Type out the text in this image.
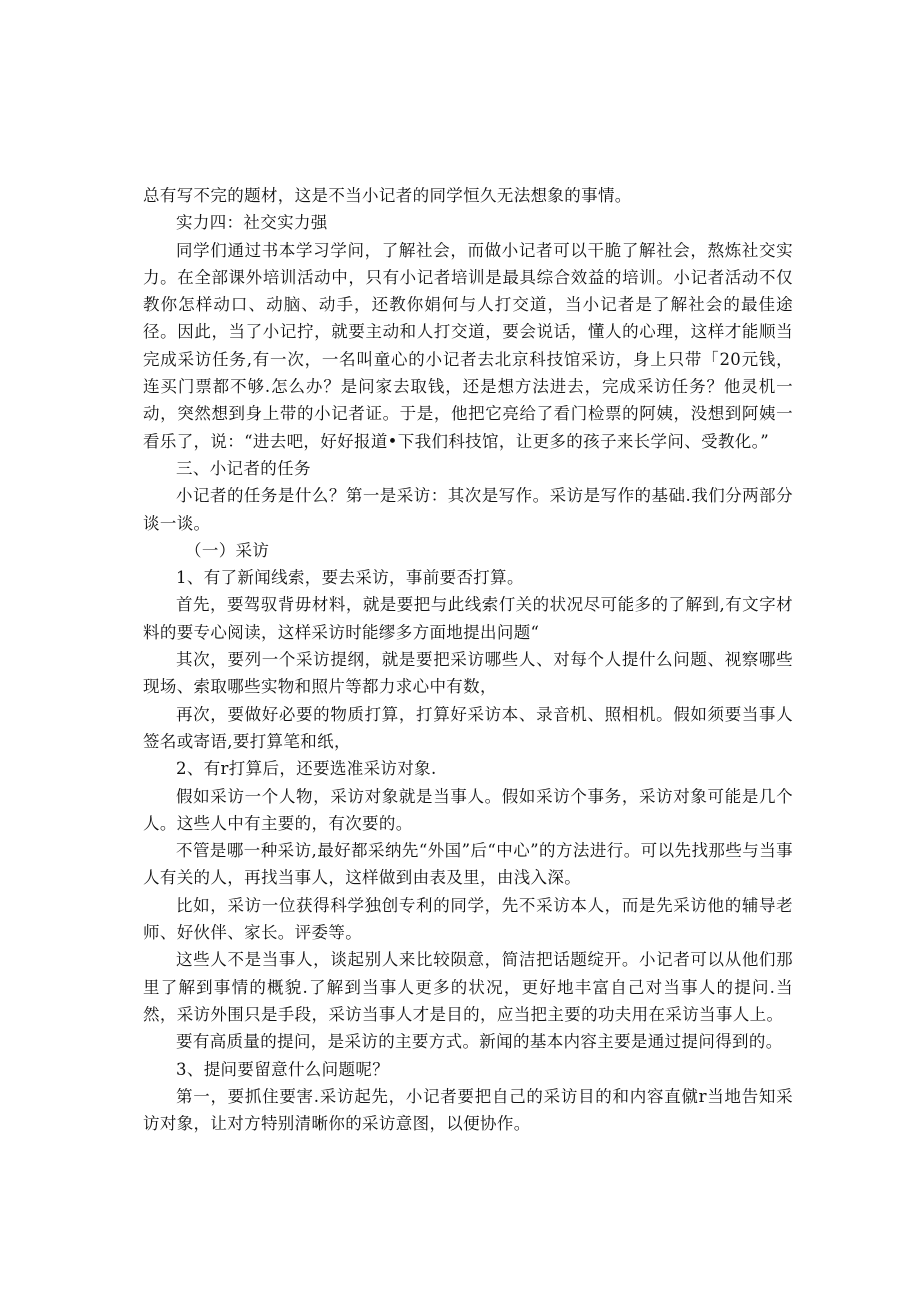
总有写不完的题材，这是不当小记者的同学恒久无法想象的事情。

实力四：社交实力强

同学们通过书本学习学问，了解社会，而做小记者可以干脆了解社会，熬炼社交实力。在全部课外培训活动中，只有小记者培训是最具综合效益的培训。小记者活动不仅教你怎样动口、动脑、动手，还教你娟何与人打交道，当小记者是了解社会的最佳途径。因此，当了小记拧，就要主动和人打交道，要会说话，懂人的心理，这样才能顺当完成采访任务,有一次，一名叫童心的小记者去北京科技馆采访，身上只带「20元钱，连买门票都不够.怎么办？是问家去取钱，还是想方法进去，完成采访任务？他灵机一动，突然想到身上带的小记者证。于是，他把它亮给了看门检票的阿姨，没想到阿姨一看乐了，说：“进去吧，好好报道•下我们科技馆，让更多的孩子来长学问、受教化。”

三、小记者的任务

小记者的任务是什么？第一是采访：其次是写作。采访是写作的基础.我们分两部分谈一谈。

（一）采访

1、有了新闻线索，要去采访，事前要否打算。

首先，要驾驭背毋材料，就是要把与此线索仃关的状况尽可能多的了解到,有文字材料的要专心阅读，这样采访时能缪多方面地提出问题“

其次，要列一个采访提纲，就是要把采访哪些人、对每个人提什么问题、视察哪些现场、索取哪些实物和照片等都力求心中有数，

再次，要做好必要的物质打算，打算好采访本、录音机、照相机。假如须要当事人签名或寄语,要打算笔和纸，

2、有r打算后，还要选准采访对象.

假如采访一个人物，采访对象就是当事人。假如采访个事务，采访对象可能是几个人。这些人中有主要的，有次要的。

不管是哪一种采访,最好都采纳先“外国”后“中心”的方法进行。可以先找那些与当事人有关的人，再找当事人，这样做到由表及里，由浅入深。

比如，采访一位获得科学独创专利的同学，先不采访本人，而是先采访他的辅导老师、好伙伴、家长。评委等。

这些人不是当事人，谈起别人来比较陨意，简洁把话题绽开。小记者可以从他们那里了解到事情的概貌.了解到当事人更多的状况，更好地丰富自己对当事人的提问.当然，采访外围只是手段，采访当事人才是目的，应当把主要的功夫用在采访当事人上。

要有高质量的提问，是采访的主要方式。新闻的基本内容主要是通过提问得到的。

3、提问要留意什么问题呢？

第一，要抓住要害.采访起先，小记者要把自己的采访目的和内容直僦r当地告知采访对象，让对方特别清晰你的采访意图，以便协作。
